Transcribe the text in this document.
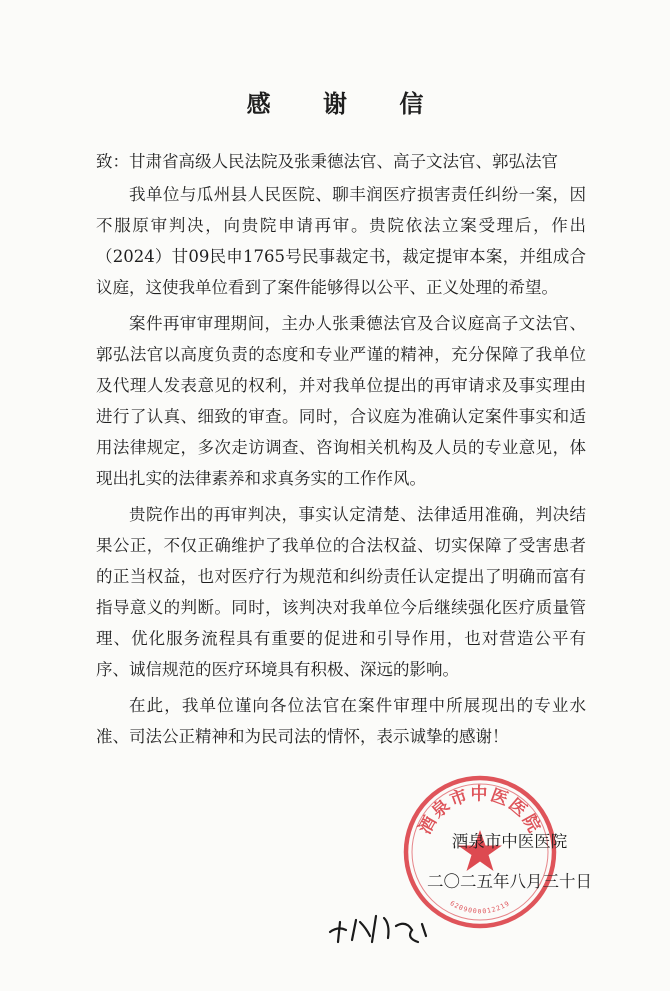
感 谢 信
致：甘肃省高级人民法院及张秉德法官、高子文法官、郭弘法官

我单位与瓜州县人民医院、聊丰润医疗损害责任纠纷一案，因不服原审判决，向贵院申请再审。贵院依法立案受理后，作出（2024）甘09民申1765号民事裁定书，裁定提审本案，并组成合议庭，这使我单位看到了案件能够得以公平、正义处理的希望。

案件再审审理期间，主办人张秉德法官及合议庭高子文法官、郭弘法官以高度负责的态度和专业严谨的精神，充分保障了我单位及代理人发表意见的权利，并对我单位提出的再审请求及事实理由进行了认真、细致的审查。同时，合议庭为准确认定案件事实和适用法律规定，多次走访调查、咨询相关机构及人员的专业意见，体现出扎实的法律素养和求真务实的工作作风。

贵院作出的再审判决，事实认定清楚、法律适用准确，判决结果公正，不仅正确维护了我单位的合法权益、切实保障了受害患者的正当权益，也对医疗行为规范和纠纷责任认定提出了明确而富有指导意义的判断。同时，该判决对我单位今后继续强化医疗质量管理、优化服务流程具有重要的促进和引导作用，也对营造公平有序、诚信规范的医疗环境具有积极、深远的影响。

在此，我单位谨向各位法官在案件审理中所展现出的专业水准、司法公正精神和为民司法的情怀，表示诚挚的感谢！

酒泉市中医医院
6209000012219
酒泉市中医医院
二〇二五年八月三十日
